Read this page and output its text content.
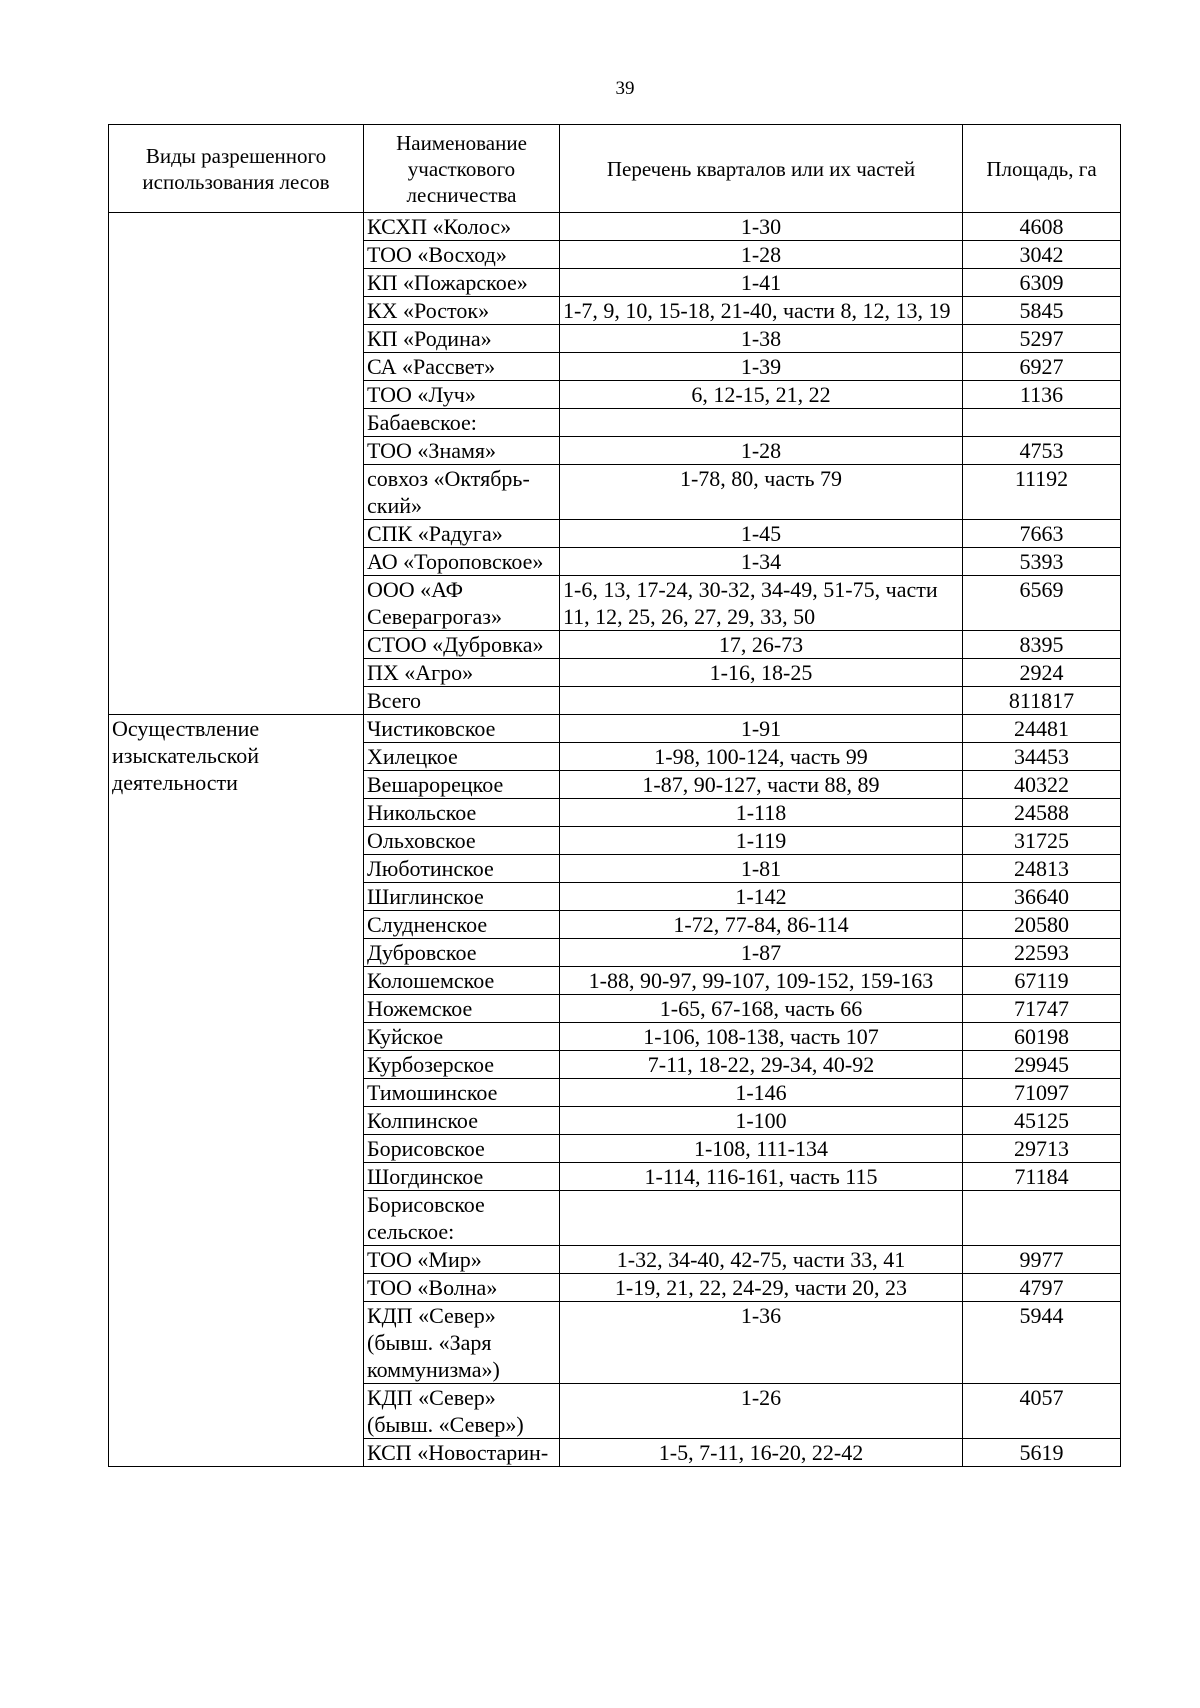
39
Виды разрешенного использования лесов	Наименование участкового лесничества	Перечень кварталов или их частей	Площадь, га
	КСХП «Колос»	1-30	4608
	ТОО «Восход»	1-28	3042
	КП «Пожарское»	1-41	6309
	КХ «Росток»	1-7, 9, 10, 15-18, 21-40, части 8, 12, 13, 19	5845
	КП «Родина»	1-38	5297
	СА «Рассвет»	1-39	6927
	ТОО «Луч»	6, 12-15, 21, 22	1136
	Бабаевское:		
	ТОО «Знамя»	1-28	4753
	совхоз «Октябрь-ский»	1-78, 80, часть 79	11192
	СПК «Радуга»	1-45	7663
	АО «Тороповское»	1-34	5393
	ООО «АФ Северагрогаз»	1-6, 13, 17-24, 30-32, 34-49, 51-75, части 11, 12, 25, 26, 27, 29, 33, 50	6569
	СТОО «Дубровка»	17, 26-73	8395
	ПХ «Агро»	1-16, 18-25	2924
	Всего		811817
Осуществление изыскательской деятельности	Чистиковское	1-91	24481
	Хилецкое	1-98, 100-124, часть 99	34453
	Вешарорецкое	1-87, 90-127, части 88, 89	40322
	Никольское	1-118	24588
	Ольховское	1-119	31725
	Люботинское	1-81	24813
	Шиглинское	1-142	36640
	Слудненское	1-72, 77-84, 86-114	20580
	Дубровское	1-87	22593
	Колошемское	1-88, 90-97, 99-107, 109-152, 159-163	67119
	Ножемское	1-65, 67-168, часть 66	71747
	Куйское	1-106, 108-138, часть 107	60198
	Курбозерское	7-11, 18-22, 29-34, 40-92	29945
	Тимошинское	1-146	71097
	Колпинское	1-100	45125
	Борисовское	1-108, 111-134	29713
	Шогдинское	1-114, 116-161, часть 115	71184
	Борисовское сельское:		
	ТОО «Мир»	1-32, 34-40, 42-75, части 33, 41	9977
	ТОО «Волна»	1-19, 21, 22, 24-29, части 20, 23	4797
	КДП «Север» (бывш. «Заря коммунизма»)	1-36	5944
	КДП «Север» (бывш. «Север»)	1-26	4057
	КСП «Новостарин-	1-5, 7-11, 16-20, 22-42	5619
